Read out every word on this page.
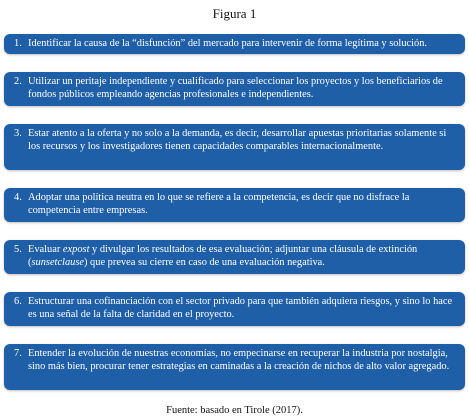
Figura 1
1. Identificar la causa de la “disfunción” del mercado para intervenir de forma legítima y solución.
2. Utilizar un peritaje independiente y cualificado para seleccionar los proyectos y los beneficiarios de fondos públicos empleando agencias profesionales e independientes.
3. Estar atento a la oferta y no solo a la demanda, es decir, desarrollar apuestas prioritarias solamente si los recursos y los investigadores tienen capacidades comparables internacionalmente.
4. Adoptar una política neutra en lo que se refiere a la competencia, es decir que no disfrace la competencia entre empresas.
5. Evaluar expost y divulgar los resultados de esa evaluación; adjuntar una cláusula de extinción (sunsetclause) que prevea su cierre en caso de una evaluación negativa.
6. Estructurar una cofinanciación con el sector privado para que también adquiera riesgos, y sino lo hace es una señal de la falta de claridad en el proyecto.
7. Entender la evolución de nuestras economías, no empecinarse en recuperar la industria por nostalgia, sino más bien, procurar tener estrategias en caminadas a la creación de nichos de alto valor agregado.
Fuente: basado en Tirole (2017).
